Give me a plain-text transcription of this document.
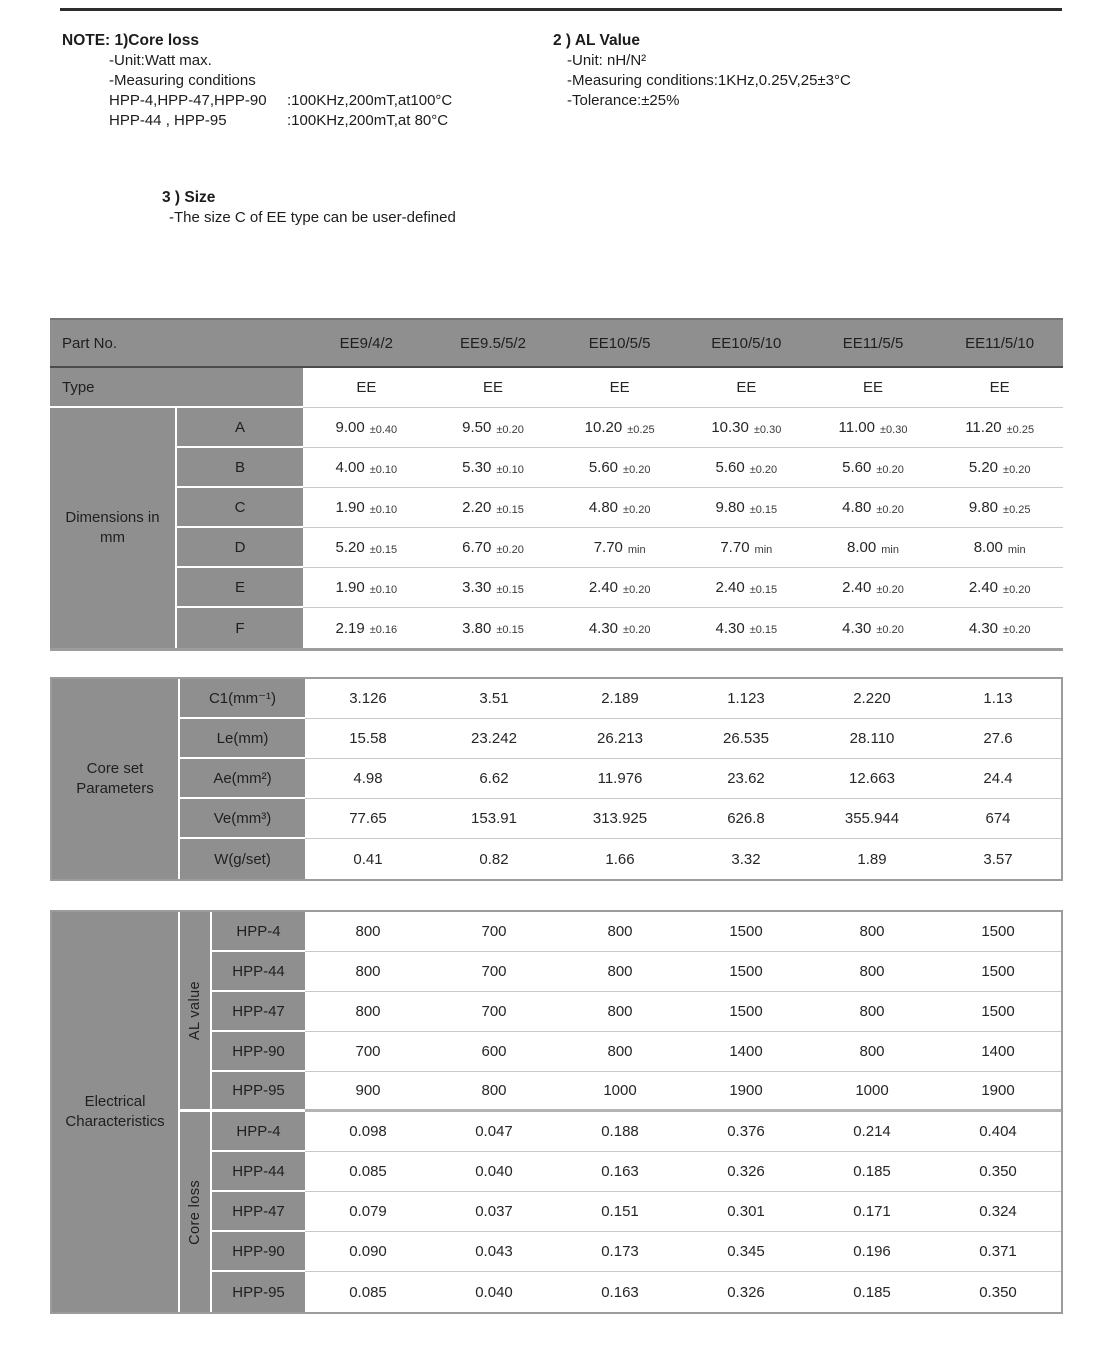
NOTE: 1)Core loss
-Unit:Watt max.
-Measuring conditions
HPP-4,HPP-47,HPP-90	:100KHz,200mT,at100°C
HPP-44 , HPP-95	:100KHz,200mT,at 80°C
3 ) Size
-The size C of EE type can be user-defined
2 ) AL Value
-Unit: nH/N²
-Measuring conditions:1KHz,0.25V,25±3°C
-Tolerance:±25%
Part No.	EE9/4/2	EE9.5/5/2	EE10/5/5	EE10/5/10	EE11/5/5	EE11/5/10
Type	EE	EE	EE	EE	EE	EE
Dimensions in mm
A	9.00 ±0.40	9.50 ±0.20	10.20 ±0.25	10.30 ±0.30	11.00 ±0.30	11.20 ±0.25
B	4.00 ±0.10	5.30 ±0.10	5.60 ±0.20	5.60 ±0.20	5.60 ±0.20	5.20 ±0.20
C	1.90 ±0.10	2.20 ±0.15	4.80 ±0.20	9.80 ±0.15	4.80 ±0.20	9.80 ±0.25
D	5.20 ±0.15	6.70 ±0.20	7.70 min	7.70 min	8.00 min	8.00 min
E	1.90 ±0.10	3.30 ±0.15	2.40 ±0.20	2.40 ±0.15	2.40 ±0.20	2.40 ±0.20
F	2.19 ±0.16	3.80 ±0.15	4.30 ±0.20	4.30 ±0.15	4.30 ±0.20	4.30 ±0.20
Core set Parameters
C1(mm⁻¹)	3.126	3.51	2.189	1.123	2.220	1.13
Le(mm)	15.58	23.242	26.213	26.535	28.110	27.6
Ae(mm²)	4.98	6.62	11.976	23.62	12.663	24.4
Ve(mm³)	77.65	153.91	313.925	626.8	355.944	674
W(g/set)	0.41	0.82	1.66	3.32	1.89	3.57
Electrical Characteristics
AL value
HPP-4	800	700	800	1500	800	1500
HPP-44	800	700	800	1500	800	1500
HPP-47	800	700	800	1500	800	1500
HPP-90	700	600	800	1400	800	1400
HPP-95	900	800	1000	1900	1000	1900
Core loss
HPP-4	0.098	0.047	0.188	0.376	0.214	0.404
HPP-44	0.085	0.040	0.163	0.326	0.185	0.350
HPP-47	0.079	0.037	0.151	0.301	0.171	0.324
HPP-90	0.090	0.043	0.173	0.345	0.196	0.371
HPP-95	0.085	0.040	0.163	0.326	0.185	0.350
